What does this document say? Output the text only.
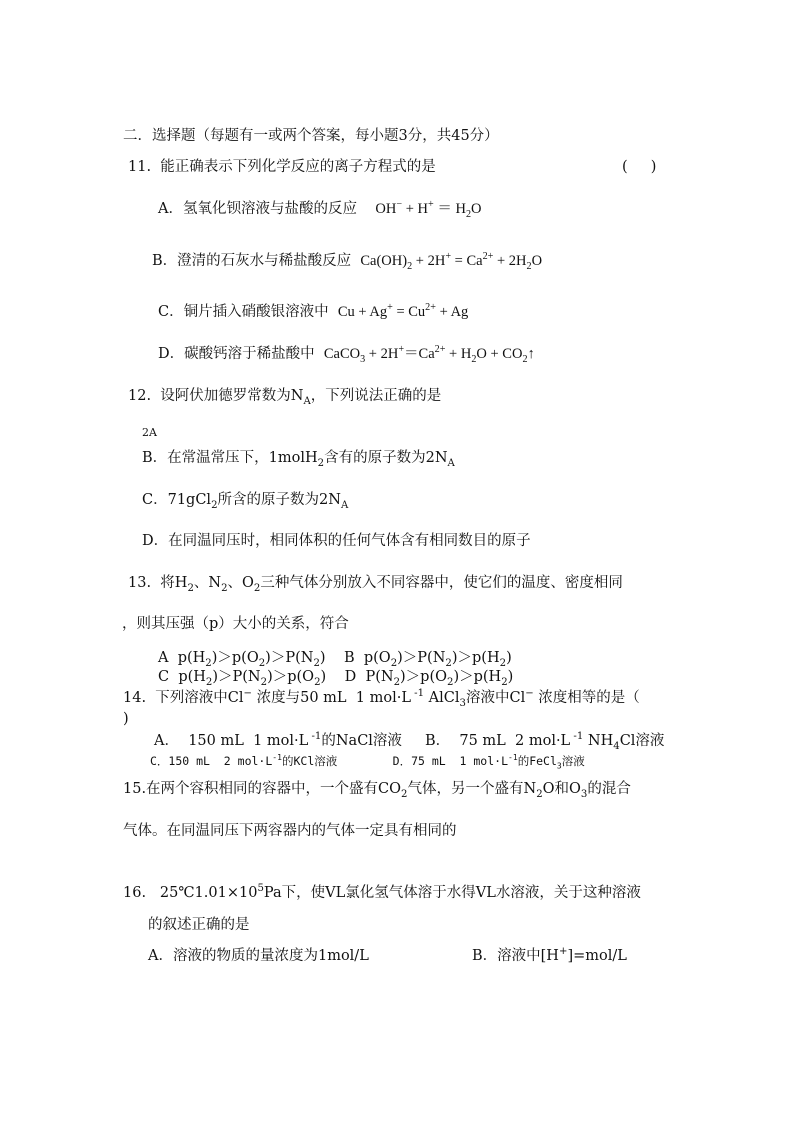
二．选择题（每题有一或两个答案，每小题3分，共45分）
11.  能正确表示下列化学反应的离子方程式的是	(     )
A．氢氧化钡溶液与盐酸的反应 $OH^- + H^+ = H_2O$
B．澄清的石灰水与稀盐酸反应 $Ca(OH)_2 + 2H^+ = Ca^{2+} + 2H_2O$
C．铜片插入硝酸银溶液中 $Cu + Ag^+ = Cu^{2+} + Ag$
D．碳酸钙溶于稀盐酸中 CaCO$_3$ + $2H^+=Ca^{2+} + H_2O$ + $CO_2↑$
12.  设阿伏加德罗常数为$N_A$，下列说法正确的是
2A
B．在常温常压下，1molH$_2$含有的原子数为$2N_A$
C．71gCl$_2$所含的原子数为$2N_A$
D．在同温同压时，相同体积的任何气体含有相同数目的原子
13.  将$H_2$、$N_2$、$O_2$三种气体分别放入不同容器中，使它们的温度、密度相同
，则其压强（p）大小的关系，符合
A  $p(H_2)>p(O_2)>P(N_2)$    B  $p(O_2)>P(N_2)>p(H_2)$
C  $p(H_2)>P(N_2)>p(O_2)$    D  $P(N_2)>p(O_2)>p(H_2)$
14.  下列溶液中Cl− 浓度与50 mL  1 mol·L $^{-1}$ AlCl$_3$溶液中Cl− 浓度相等的是（
)
A．  150 mL  1 mol·L $^{-1}$的NaCl溶液     B．  75 mL  2 mol·L $^{-1}$ $NH_4Cl$溶液
C．150 mL  2 $mol\cdot L^{-1}$的KCl溶液        D．75 mL  1 $mol\cdot L^{-1}$的FeCl$_3$溶液
15.在两个容积相同的容器中，一个盛有$CO_2$气体，另一个盛有$N_2O$和$O_3$的混合
气体。在同温同压下两容器内的气体一定具有相同的
16.   $25℃1.01\times 10^5Pa$下，使VL氯化氢气体溶于水得VL水溶液，关于这种溶液
的叙述正确的是
A．溶液的物质的量浓度为1mol/L	B．溶液中[H+]=mol/L
